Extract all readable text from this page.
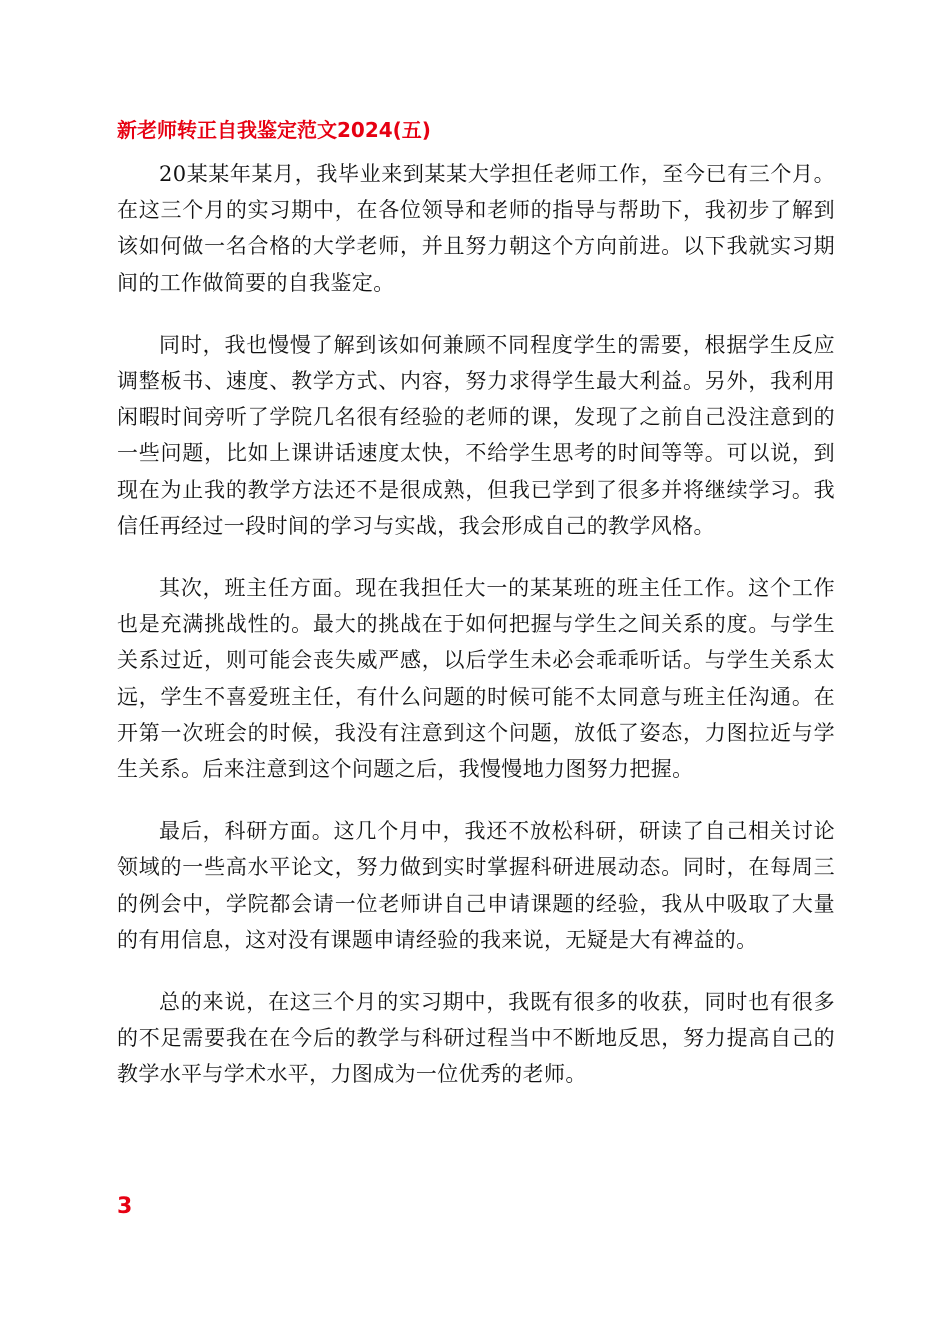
新老师转正自我鉴定范文2024(五)

20某某年某月，我毕业来到某某大学担任老师工作，至今已有三个月。在这三个月的实习期中，在各位领导和老师的指导与帮助下，我初步了解到该如何做一名合格的大学老师，并且努力朝这个方向前进。以下我就实习期间的工作做简要的自我鉴定。

同时，我也慢慢了解到该如何兼顾不同程度学生的需要，根据学生反应调整板书、速度、教学方式、内容，努力求得学生最大利益。另外，我利用闲暇时间旁听了学院几名很有经验的老师的课，发现了之前自己没注意到的一些问题，比如上课讲话速度太快，不给学生思考的时间等等。可以说，到现在为止我的教学方法还不是很成熟，但我已学到了很多并将继续学习。我信任再经过一段时间的学习与实战，我会形成自己的教学风格。

其次，班主任方面。现在我担任大一的某某班的班主任工作。这个工作也是充满挑战性的。最大的挑战在于如何把握与学生之间关系的度。与学生关系过近，则可能会丧失威严感，以后学生未必会乖乖听话。与学生关系太远，学生不喜爱班主任，有什么问题的时候可能不太同意与班主任沟通。在开第一次班会的时候，我没有注意到这个问题，放低了姿态，力图拉近与学生关系。后来注意到这个问题之后，我慢慢地力图努力把握。

最后，科研方面。这几个月中，我还不放松科研，研读了自己相关讨论领域的一些高水平论文，努力做到实时掌握科研进展动态。同时，在每周三的例会中，学院都会请一位老师讲自己申请课题的经验，我从中吸取了大量的有用信息，这对没有课题申请经验的我来说，无疑是大有裨益的。

总的来说，在这三个月的实习期中，我既有很多的收获，同时也有很多的不足需要我在在今后的教学与科研过程当中不断地反思，努力提高自己的教学水平与学术水平，力图成为一位优秀的老师。

3
